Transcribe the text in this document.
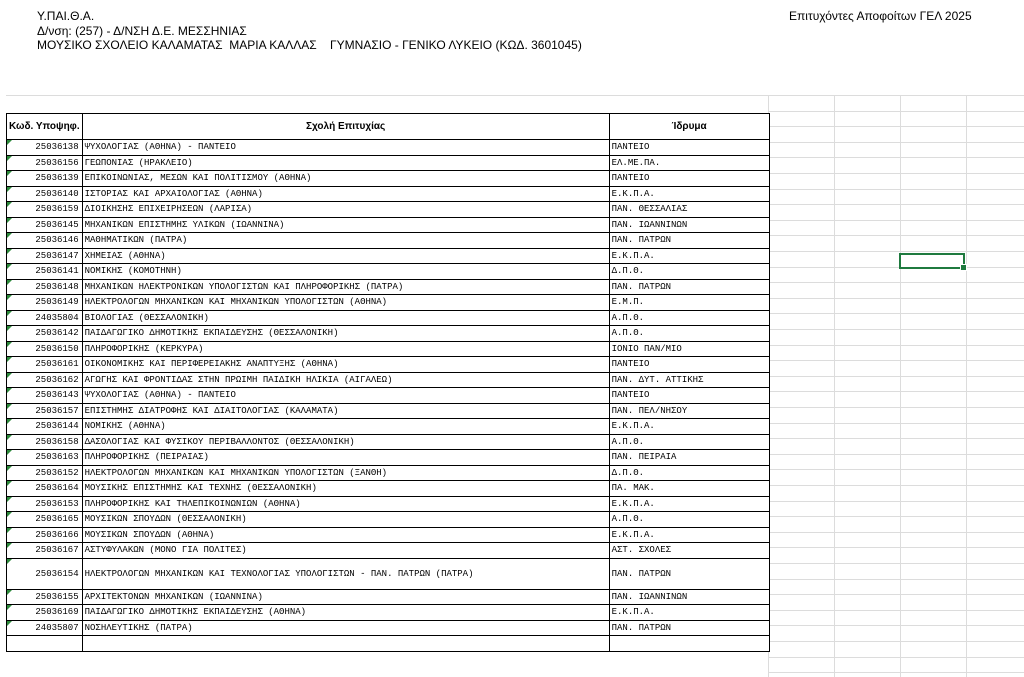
Υ.ΠΑΙ.Θ.Α.
Δ/νση: (257) - Δ/ΝΣΗ Δ.Ε. ΜΕΣΣΗΝΙΑΣ
ΜΟΥΣΙΚΟ ΣΧΟΛΕΙΟ ΚΑΛΑΜΑΤΑΣ  ΜΑΡΙΑ ΚΑΛΛΑΣ    ΓΥΜΝΑΣΙΟ - ΓΕΝΙΚΟ ΛΥΚΕΙΟ (ΚΩΔ. 3601045)
Επιτυχόντες Αποφοίτων ΓΕΛ 2025
Κωδ. Υποψηφ.	Σχολή Επιτυχίας	Ίδρυμα
25036138	ΨΥΧΟΛΟΓΙΑΣ (ΑΘΗΝΑ) - ΠΑΝΤΕΙΟ	ΠΑΝΤΕΙΟ
25036156	ΓΕΩΠΟΝΙΑΣ (ΗΡΑΚΛΕΙΟ)	ΕΛ.ΜΕ.ΠΑ.
25036139	ΕΠΙΚΟΙΝΩΝΙΑΣ, ΜΕΣΩΝ ΚΑΙ ΠΟΛΙΤΙΣΜΟΥ (ΑΘΗΝΑ)	ΠΑΝΤΕΙΟ
25036140	ΙΣΤΟΡΙΑΣ ΚΑΙ ΑΡΧΑΙΟΛΟΓΙΑΣ (ΑΘΗΝΑ)	Ε.Κ.Π.Α.
25036159	ΔΙΟΙΚΗΣΗΣ ΕΠΙΧΕΙΡΗΣΕΩΝ (ΛΑΡΙΣΑ)	ΠΑΝ. ΘΕΣΣΑΛΙΑΣ
25036145	ΜΗΧΑΝΙΚΩΝ ΕΠΙΣΤΗΜΗΣ ΥΛΙΚΩΝ (ΙΩΑΝΝΙΝΑ)	ΠΑΝ. ΙΩΑΝΝΙΝΩΝ
25036146	ΜΑΘΗΜΑΤΙΚΩΝ (ΠΑΤΡΑ)	ΠΑΝ. ΠΑΤΡΩΝ
25036147	ΧΗΜΕΙΑΣ (ΑΘΗΝΑ)	Ε.Κ.Π.Α.
25036141	ΝΟΜΙΚΗΣ (ΚΟΜΟΤΗΝΗ)	Δ.Π.Θ.
25036148	ΜΗΧΑΝΙΚΩΝ ΗΛΕΚΤΡΟΝΙΚΩΝ ΥΠΟΛΟΓΙΣΤΩΝ ΚΑΙ ΠΛΗΡΟΦΟΡΙΚΗΣ (ΠΑΤΡΑ)	ΠΑΝ. ΠΑΤΡΩΝ
25036149	ΗΛΕΚΤΡΟΛΟΓΩΝ ΜΗΧΑΝΙΚΩΝ ΚΑΙ ΜΗΧΑΝΙΚΩΝ ΥΠΟΛΟΓΙΣΤΩΝ (ΑΘΗΝΑ)	Ε.Μ.Π.
24035804	ΒΙΟΛΟΓΙΑΣ (ΘΕΣΣΑΛΟΝΙΚΗ)	Α.Π.Θ.
25036142	ΠΑΙΔΑΓΩΓΙΚΟ ΔΗΜΟΤΙΚΗΣ ΕΚΠΑΙΔΕΥΣΗΣ (ΘΕΣΣΑΛΟΝΙΚΗ)	Α.Π.Θ.
25036150	ΠΛΗΡΟΦΟΡΙΚΗΣ (ΚΕΡΚΥΡΑ)	ΙΟΝΙΟ ΠΑΝ/ΜΙΟ
25036161	ΟΙΚΟΝΟΜΙΚΗΣ ΚΑΙ ΠΕΡΙΦΕΡΕΙΑΚΗΣ ΑΝΑΠΤΥΞΗΣ (ΑΘΗΝΑ)	ΠΑΝΤΕΙΟ
25036162	ΑΓΩΓΗΣ ΚΑΙ ΦΡΟΝΤΙΔΑΣ ΣΤΗΝ ΠΡΩΙΜΗ ΠΑΙΔΙΚΗ ΗΛΙΚΙΑ (ΑΙΓΑΛΕΩ)	ΠΑΝ. ΔΥΤ. ΑΤΤΙΚΗΣ
25036143	ΨΥΧΟΛΟΓΙΑΣ (ΑΘΗΝΑ) - ΠΑΝΤΕΙΟ	ΠΑΝΤΕΙΟ
25036157	ΕΠΙΣΤΗΜΗΣ ΔΙΑΤΡΟΦΗΣ ΚΑΙ ΔΙΑΙΤΟΛΟΓΙΑΣ (ΚΑΛΑΜΑΤΑ)	ΠΑΝ. ΠΕΛ/ΝΗΣΟΥ
25036144	ΝΟΜΙΚΗΣ (ΑΘΗΝΑ)	Ε.Κ.Π.Α.
25036158	ΔΑΣΟΛΟΓΙΑΣ ΚΑΙ ΦΥΣΙΚΟΥ ΠΕΡΙΒΑΛΛΟΝΤΟΣ (ΘΕΣΣΑΛΟΝΙΚΗ)	Α.Π.Θ.
25036163	ΠΛΗΡΟΦΟΡΙΚΗΣ (ΠΕΙΡΑΙΑΣ)	ΠΑΝ. ΠΕΙΡΑΙΑ
25036152	ΗΛΕΚΤΡΟΛΟΓΩΝ ΜΗΧΑΝΙΚΩΝ ΚΑΙ ΜΗΧΑΝΙΚΩΝ ΥΠΟΛΟΓΙΣΤΩΝ (ΞΑΝΘΗ)	Δ.Π.Θ.
25036164	ΜΟΥΣΙΚΗΣ ΕΠΙΣΤΗΜΗΣ ΚΑΙ ΤΕΧΝΗΣ (ΘΕΣΣΑΛΟΝΙΚΗ)	ΠΑ. ΜΑΚ.
25036153	ΠΛΗΡΟΦΟΡΙΚΗΣ ΚΑΙ ΤΗΛΕΠΙΚΟΙΝΩΝΙΩΝ (ΑΘΗΝΑ)	Ε.Κ.Π.Α.
25036165	ΜΟΥΣΙΚΩΝ ΣΠΟΥΔΩΝ (ΘΕΣΣΑΛΟΝΙΚΗ)	Α.Π.Θ.
25036166	ΜΟΥΣΙΚΩΝ ΣΠΟΥΔΩΝ (ΑΘΗΝΑ)	Ε.Κ.Π.Α.
25036167	ΑΣΤΥΦΥΛΑΚΩΝ (ΜΟΝΟ ΓΙΑ ΠΟΛΙΤΕΣ)	ΑΣΤ. ΣΧΟΛΕΣ
25036154	ΗΛΕΚΤΡΟΛΟΓΩΝ ΜΗΧΑΝΙΚΩΝ ΚΑΙ ΤΕΧΝΟΛΟΓΙΑΣ ΥΠΟΛΟΓΙΣΤΩΝ - ΠΑΝ. ΠΑΤΡΩΝ (ΠΑΤΡΑ)	ΠΑΝ. ΠΑΤΡΩΝ
25036155	ΑΡΧΙΤΕΚΤΟΝΩΝ ΜΗΧΑΝΙΚΩΝ (ΙΩΑΝΝΙΝΑ)	ΠΑΝ. ΙΩΑΝΝΙΝΩΝ
25036169	ΠΑΙΔΑΓΩΓΙΚΟ ΔΗΜΟΤΙΚΗΣ ΕΚΠΑΙΔΕΥΣΗΣ (ΑΘΗΝΑ)	Ε.Κ.Π.Α.
24035807	ΝΟΣΗΛΕΥΤΙΚΗΣ (ΠΑΤΡΑ)	ΠΑΝ. ΠΑΤΡΩΝ
